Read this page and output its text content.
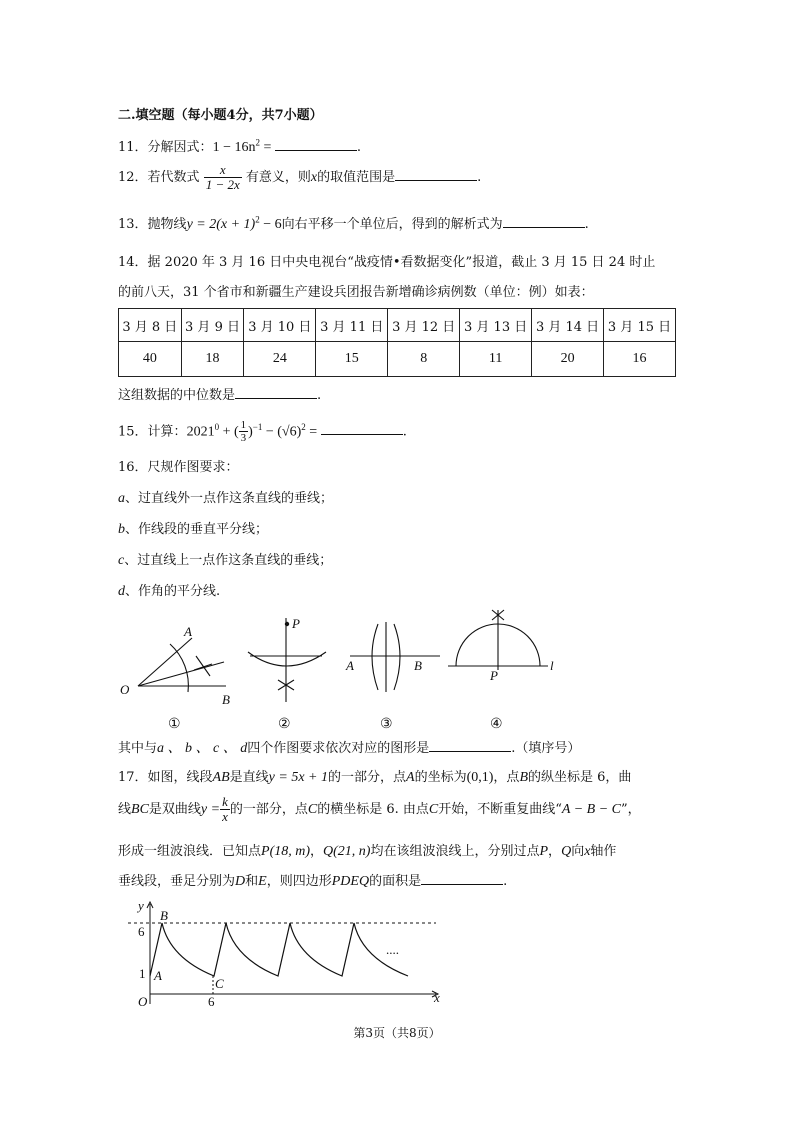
二.填空题（每小题4分，共7小题）
11．分解因式：$1 - 16n^2$ =	.
12．若代数式 $\frac{x}{1 - 2x}$ 有意义，则x的取值范围是	.
13．抛物线$y = 2(x + 1)^2 - 6$向右平移一个单位后，得到的解析式为	.
14．据 2020 年 3 月 16 日中央电视台“战疫情•看数据变化”报道，截止 3 月 15 日 24 时止
的前八天，31 个省市和新疆生产建设兵团报告新增确诊病例数（单位：例）如表：
3 月 8 日	3 月 9 日	3 月 10 日	3 月 11 日	3 月 12 日	3 月 13 日	3 月 14 日	3 月 15 日
40	18	24	15	8	11	20	16
这组数据的中位数是	.
15．计算：$2021^0$ + ( $\frac{1}{3} )^{-1} - (√6)^2$ =	.
16．尺规作图要求：
a、过直线外一点作这条直线的垂线；
b、作线段的垂直平分线；
c、过直线上一点作这条直线的垂线；
d、作角的平分线.
A
O
B
P
A	B
P
l
①	②	③	④
其中与a 、 b 、 c 、 d四个作图要求依次对应的图形是	.（填序号）
17．如图，线段AB是直线y = 5x + 1的一部分，点A的坐标为(0,1)，点B的纵坐标是 6，曲
线BC是双曲线$y = \frac{k}{x}$ 的一部分，点C的横坐标是 6. 由点C开始，不断重复曲线“A − B − C”，
形成一组波浪线．已知点P(18, m)，Q(21, n)均在该组波浪线上，分别过点P，Q向x轴作
垂线段，垂足分别为D和E，则四边形PDEQ的面积是	.
y
x
O
B
A
C
6
1
6
....
第3页（共8页）
